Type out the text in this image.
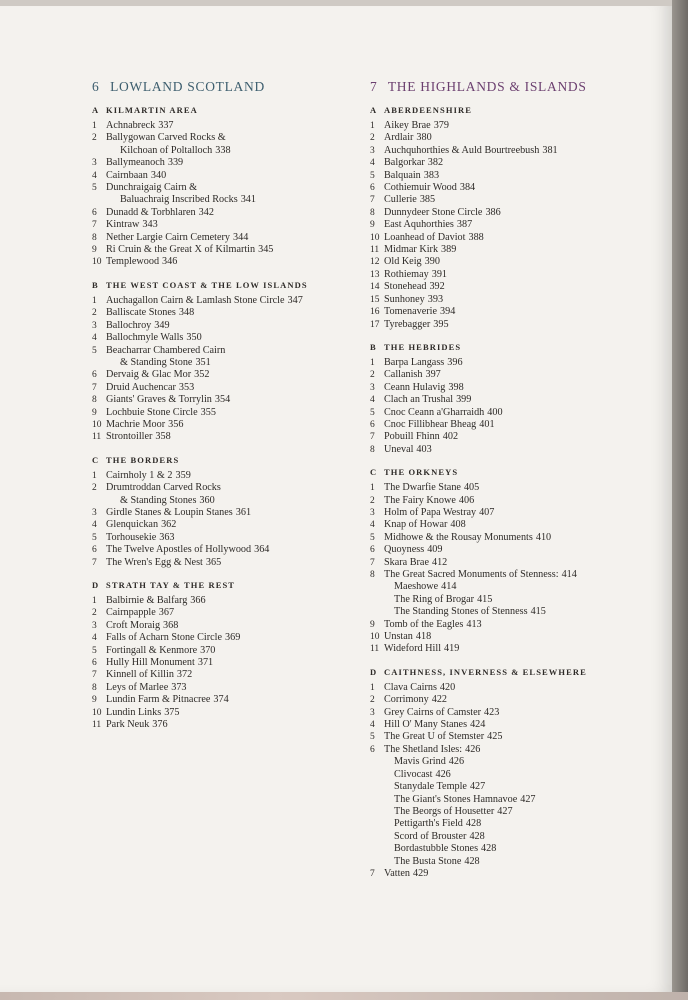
6 LOWLAND SCOTLAND
A KILMARTIN AREA
1 Achnabreck 337
2 Ballygowan Carved Rocks &
Kilchoan of Poltalloch 338
3 Ballymeanoch 339
4 Cairnbaan 340
5 Dunchraigaig Cairn &
Baluachraig Inscribed Rocks 341
6 Dunadd & Torbhlaren 342
7 Kintraw 343
8 Nether Largie Cairn Cemetery 344
9 Ri Cruin & the Great X of Kilmartin 345
10 Templewood 346
B THE WEST COAST & THE LOW ISLANDS
1 Auchagallon Cairn & Lamlash Stone Circle 347
2 Balliscate Stones 348
3 Ballochroy 349
4 Ballochmyle Walls 350
5 Beacharrar Chambered Cairn
& Standing Stone 351
6 Dervaig & Glac Mor 352
7 Druid Auchencar 353
8 Giants' Graves & Torrylin 354
9 Lochbuie Stone Circle 355
10 Machrie Moor 356
11 Strontoiller 358
C THE BORDERS
1 Cairnholy 1 & 2 359
2 Drumtroddan Carved Rocks
& Standing Stones 360
3 Girdle Stanes & Loupin Stanes 361
4 Glenquickan 362
5 Torhousekie 363
6 The Twelve Apostles of Hollywood 364
7 The Wren's Egg & Nest 365
D STRATH TAY & THE REST
1 Balbirnie & Balfarg 366
2 Cairnpapple 367
3 Croft Moraig 368
4 Falls of Acharn Stone Circle 369
5 Fortingall & Kenmore 370
6 Hully Hill Monument 371
7 Kinnell of Killin 372
8 Leys of Marlee 373
9 Lundin Farm & Pitnacree 374
10 Lundin Links 375
11 Park Neuk 376
7 THE HIGHLANDS & ISLANDS
A ABERDEENSHIRE
1 Aikey Brae 379
2 Ardlair 380
3 Auchquhorthies & Auld Bourtreebush 381
4 Balgorkar 382
5 Balquain 383
6 Cothiemuir Wood 384
7 Cullerie 385
8 Dunnydeer Stone Circle 386
9 East Aquhorthies 387
10 Loanhead of Daviot 388
11 Midmar Kirk 389
12 Old Keig 390
13 Rothiemay 391
14 Stonehead 392
15 Sunhoney 393
16 Tomenaverie 394
17 Tyrebagger 395
B THE HEBRIDES
1 Barpa Langass 396
2 Callanish 397
3 Ceann Hulavig 398
4 Clach an Trushal 399
5 Cnoc Ceann a'Gharraidh 400
6 Cnoc Fillibhear Bheag 401
7 Pobuill Fhinn 402
8 Uneval 403
C THE ORKNEYS
1 The Dwarfie Stane 405
2 The Fairy Knowe 406
3 Holm of Papa Westray 407
4 Knap of Howar 408
5 Midhowe & the Rousay Monuments 410
6 Quoyness 409
7 Skara Brae 412
8 The Great Sacred Monuments of Stenness: 414
Maeshowe 414
The Ring of Brogar 415
The Standing Stones of Stenness 415
9 Tomb of the Eagles 413
10 Unstan 418
11 Wideford Hill 419
D CAITHNESS, INVERNESS & ELSEWHERE
1 Clava Cairns 420
2 Corrimony 422
3 Grey Cairns of Camster 423
4 Hill O' Many Stanes 424
5 The Great U of Stemster 425
6 The Shetland Isles: 426
Mavis Grind 426
Clivocast 426
Stanydale Temple 427
The Giant's Stones Hamnavoe 427
The Beorgs of Housetter 427
Pettigarth's Field 428
Scord of Brouster 428
Bordastubble Stones 428
The Busta Stone 428
7 Vatten 429
